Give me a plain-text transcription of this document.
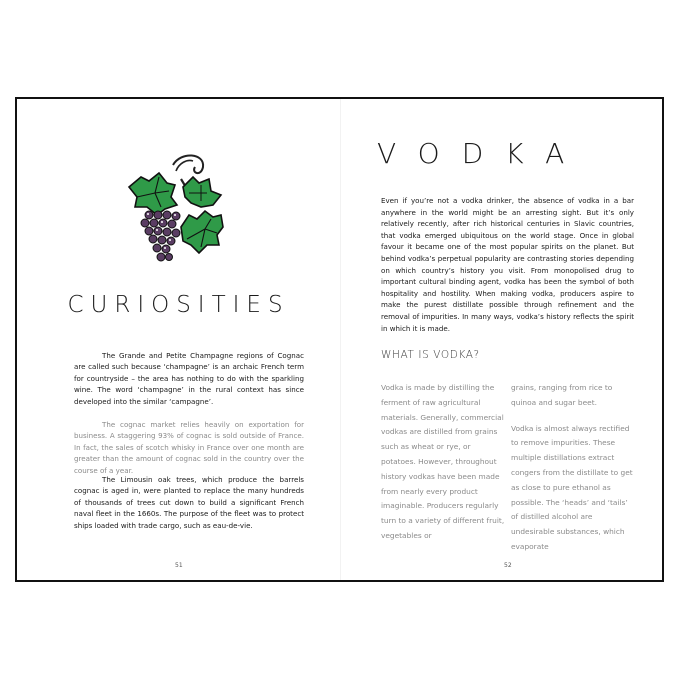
CURIOSITIES

The Grande and Petite Champagne regions of Cognac are called such because ‘champagne’ is an archaic French term for countryside – the area has nothing to do with the sparkling wine. The word ‘champagne’ in the rural context has since developed into the similar ‘campagne’.

The cognac market relies heavily on exportation for business. A staggering 93% of cognac is sold outside of France. In fact, the sales of scotch whisky in France over one month are greater than the amount of cognac sold in the country over the course of a year.

The Limousin oak trees, which produce the barrels cognac is aged in, were planted to replace the many hundreds of thousands of trees cut down to build a significant French naval fleet in the 1660s. The purpose of the fleet was to protect ships loaded with trade cargo, such as eau-de-vie.

51
VODKA

Even if you’re not a vodka drinker, the absence of vodka in a bar anywhere in the world might be an arresting sight. But it’s only relatively recently, after rich historical centuries in Slavic countries, that vodka emerged ubiquitous on the world stage. Once in global favour it became one of the most popular spirits on the planet. But behind vodka’s perpetual popularity are contrasting stories depending on which country’s history you visit. From monopolised drug to important cultural binding agent, vodka has been the symbol of both hospitality and hostility. When making vodka, producers aspire to make the purest distillate possible through refinement and the removal of impurities. In many ways, vodka’s history reflects the spirit in which it is made.

WHAT IS VODKA?

Vodka is made by distilling the ferment of raw agricultural materials. Generally, commercial vodkas are distilled from grains such as wheat or rye, or potatoes. However, throughout history vodkas have been made from nearly every product imaginable. Producers regularly turn to a variety of different fruit, vegetables or

grains, ranging from rice to quinoa and sugar beet.

Vodka is almost always rectified to remove impurities. These multiple distillations extract congers from the distillate to get as close to pure ethanol as possible. The ‘heads’ and ‘tails’ of distilled alcohol are undesirable substances, which evaporate

52
